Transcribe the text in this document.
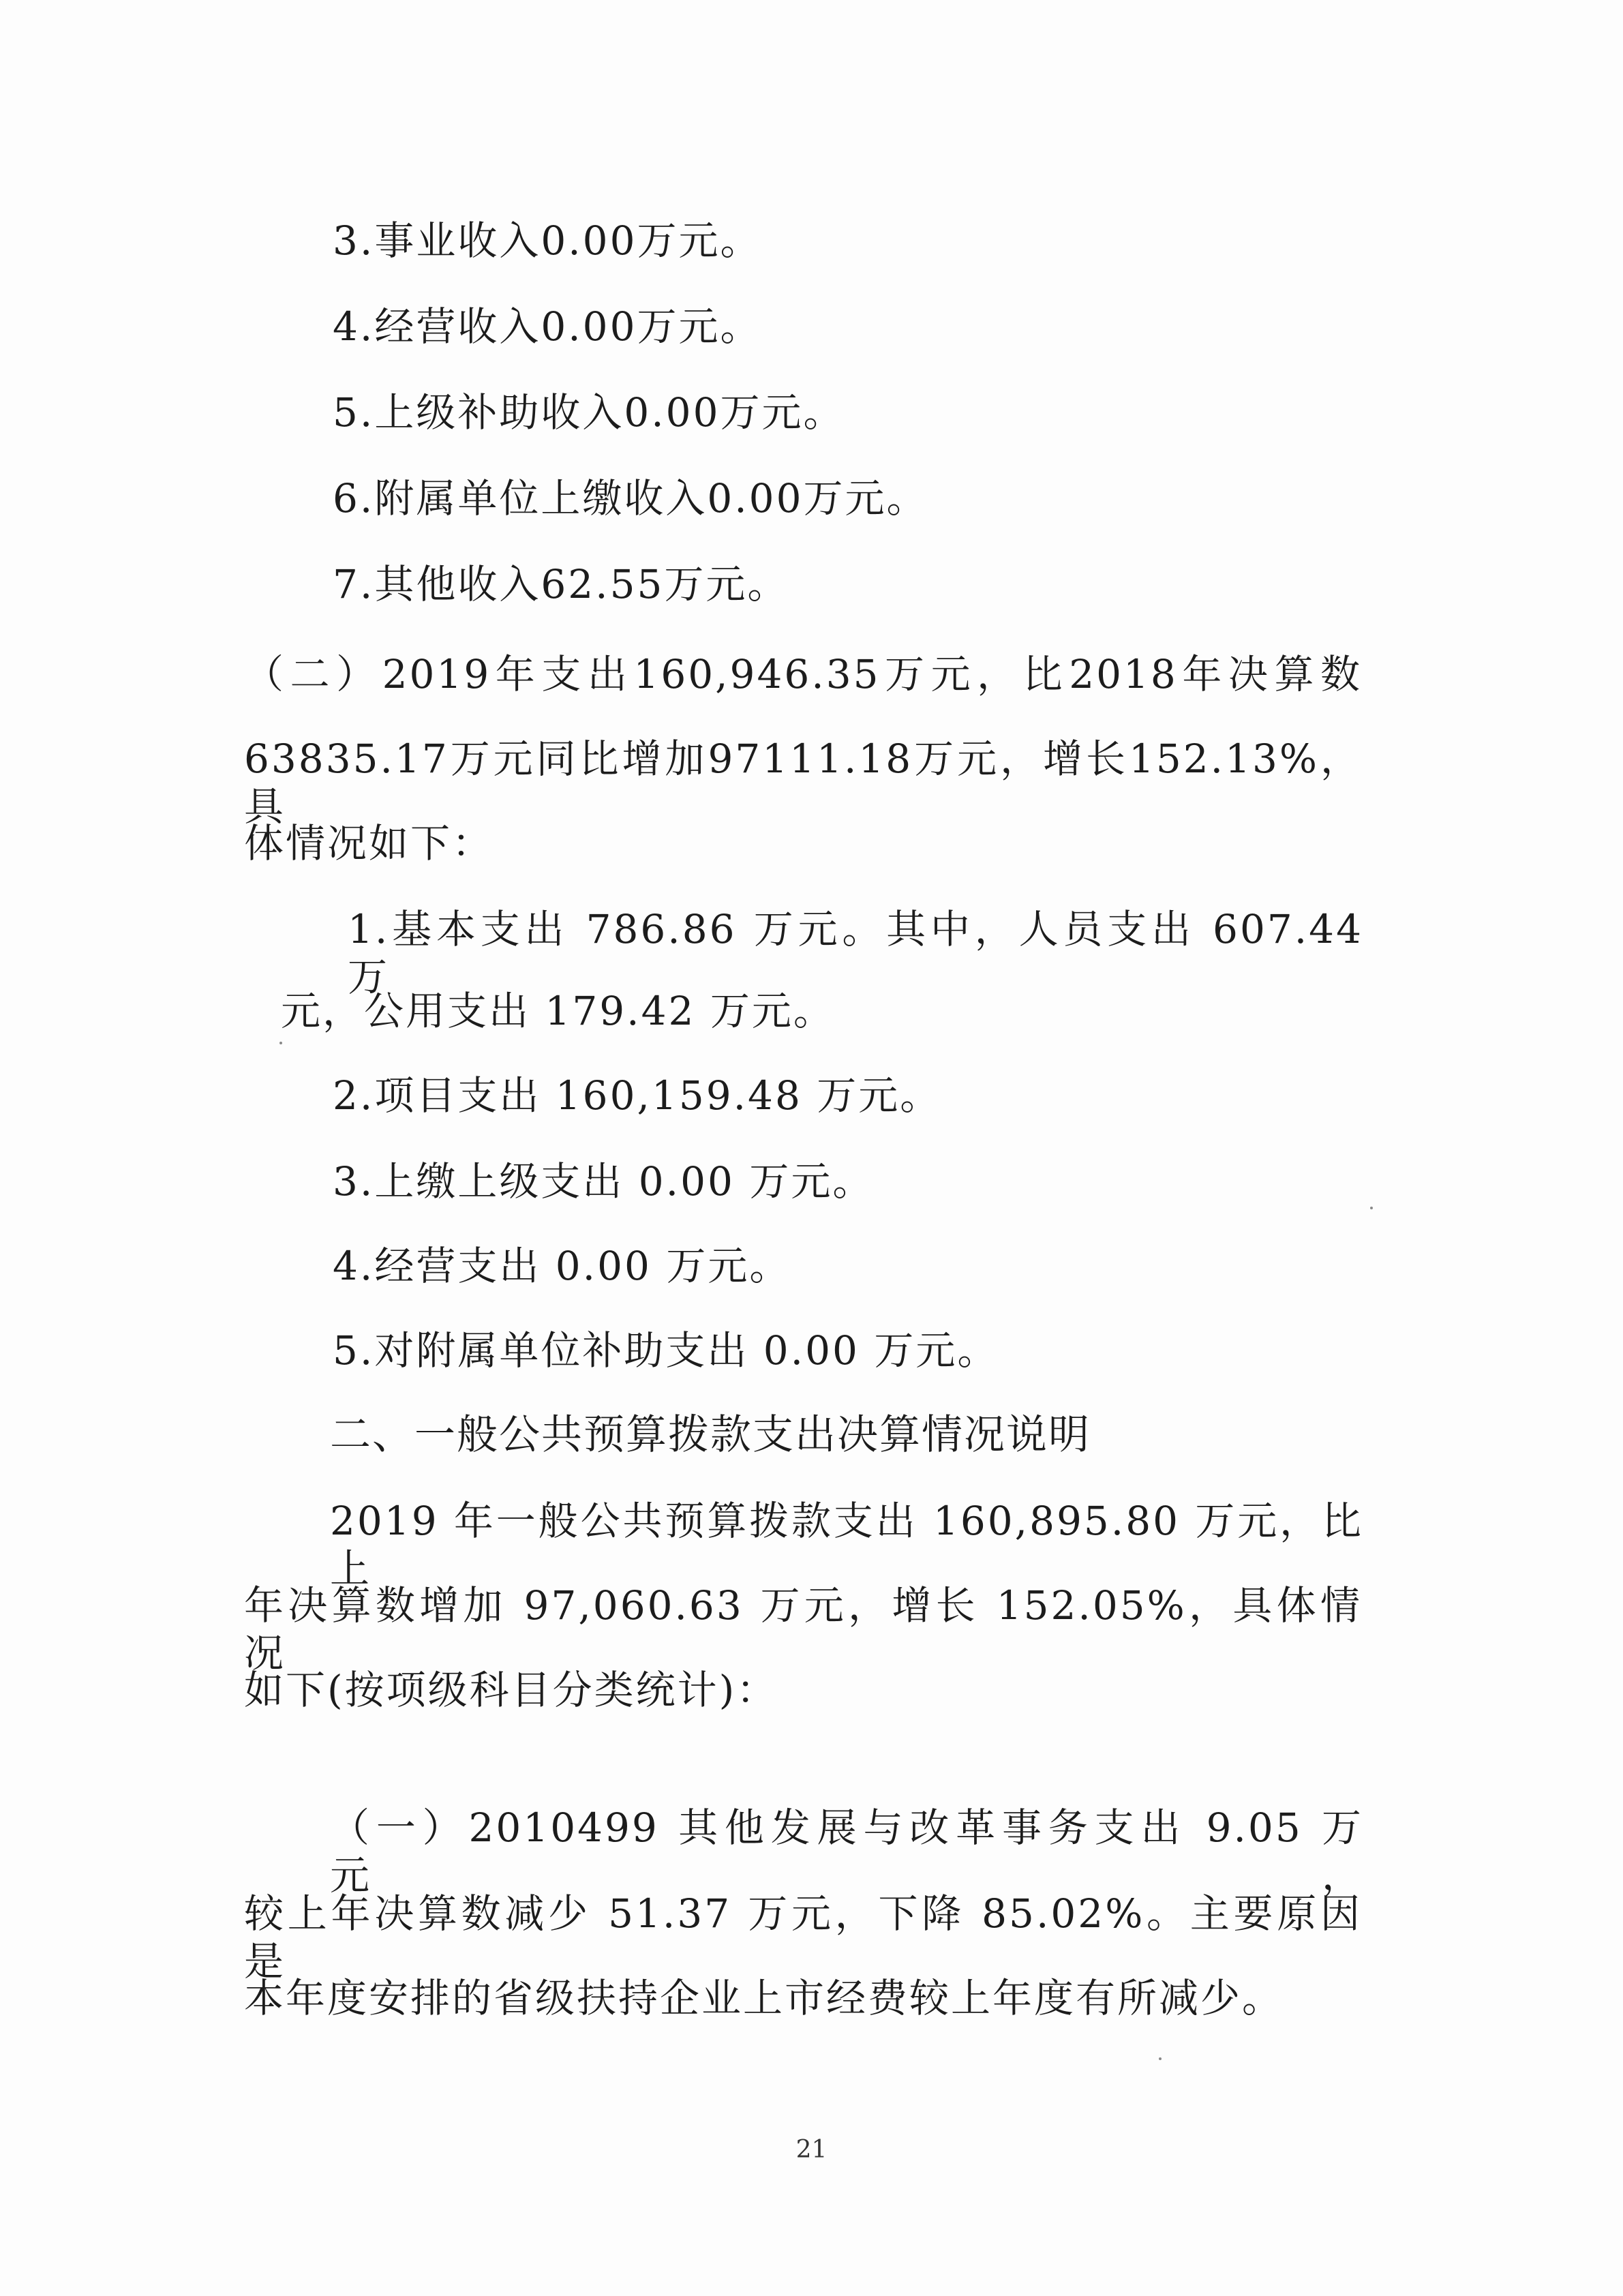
3.事业收入0.00万元。
4.经营收入0.00万元。
5.上级补助收入0.00万元。
6.附属单位上缴收入0.00万元。
7.其他收入62.55万元。
（二）2019年支出160,946.35万元，比2018年决算数
63835.17万元同比增加97111.18万元，增长152.13%，具
体情况如下：
1.基本支出 786.86 万元。其中，人员支出 607.44 万
元，公用支出 179.42 万元。
2.项目支出 160,159.48 万元。
3.上缴上级支出 0.00 万元。
4.经营支出 0.00 万元。
5.对附属单位补助支出 0.00 万元。
二、一般公共预算拨款支出决算情况说明
2019 年一般公共预算拨款支出 160,895.80 万元，比上
年决算数增加 97,060.63 万元，增长 152.05%，具体情况
如下(按项级科目分类统计)：
（一）2010499 其他发展与改革事务支出 9.05 万元，
较上年决算数减少 51.37 万元，下降 85.02%。主要原因是
本年度安排的省级扶持企业上市经费较上年度有所减少。
21
